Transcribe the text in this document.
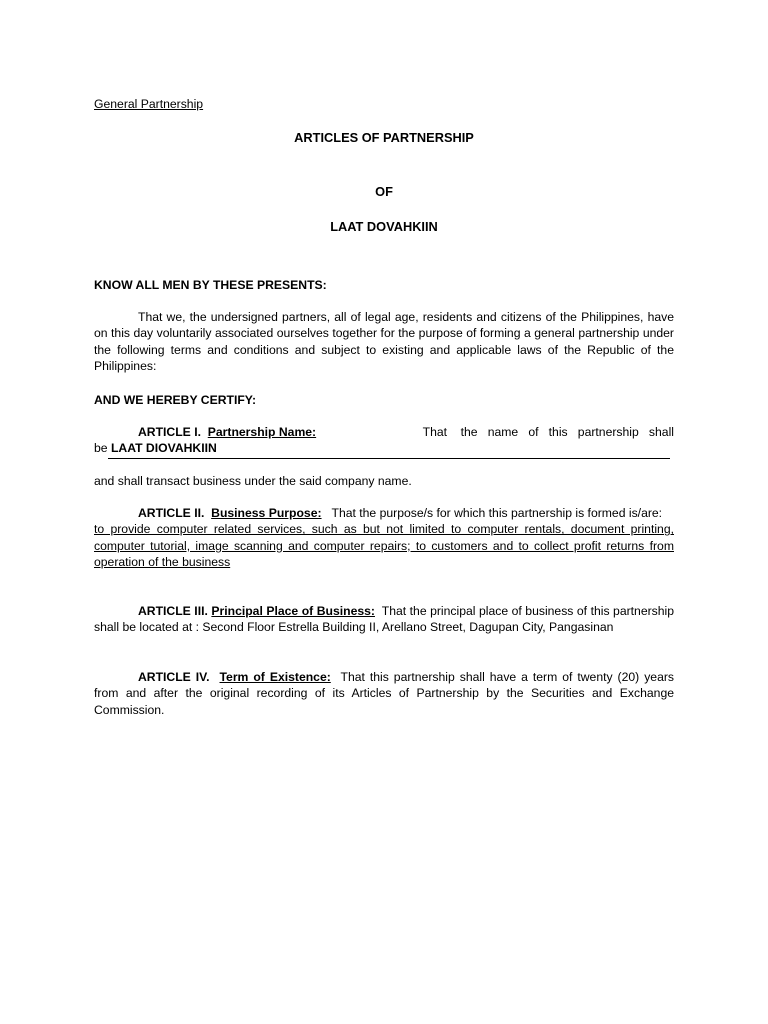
General Partnership

ARTICLES OF PARTNERSHIP

OF

LAAT DOVAHKIIN

KNOW ALL MEN BY THESE PRESENTS:

That we, the undersigned partners, all of legal age, residents and citizens of the Philippines, have on this day voluntarily associated ourselves together for the purpose of forming a general partnership under the following terms and conditions and subject to existing and applicable laws of the Republic of the Philippines:

AND WE HEREBY CERTIFY:

ARTICLE I.
Partnership Name:	That    the   name   of   this   partnership   shall
be LAAT DIOVAHKIIN

and shall transact business under the said company name.

ARTICLE II. Business Purpose: That the purpose/s for which this partnership is formed is/are:
to provide computer related services, such as but not limited to computer rentals, document printing, computer tutorial, image scanning and computer repairs; to customers and to collect profit returns from operation of the business
ARTICLE III. Principal Place of Business: That the principal place of business of this partnership shall be located at : Second Floor Estrella Building II, Arellano Street, Dagupan City, Pangasinan
ARTICLE IV. Term of Existence: That this partnership shall have a term of twenty (20) years from and after the original recording of its Articles of Partnership by the Securities and Exchange Commission.
